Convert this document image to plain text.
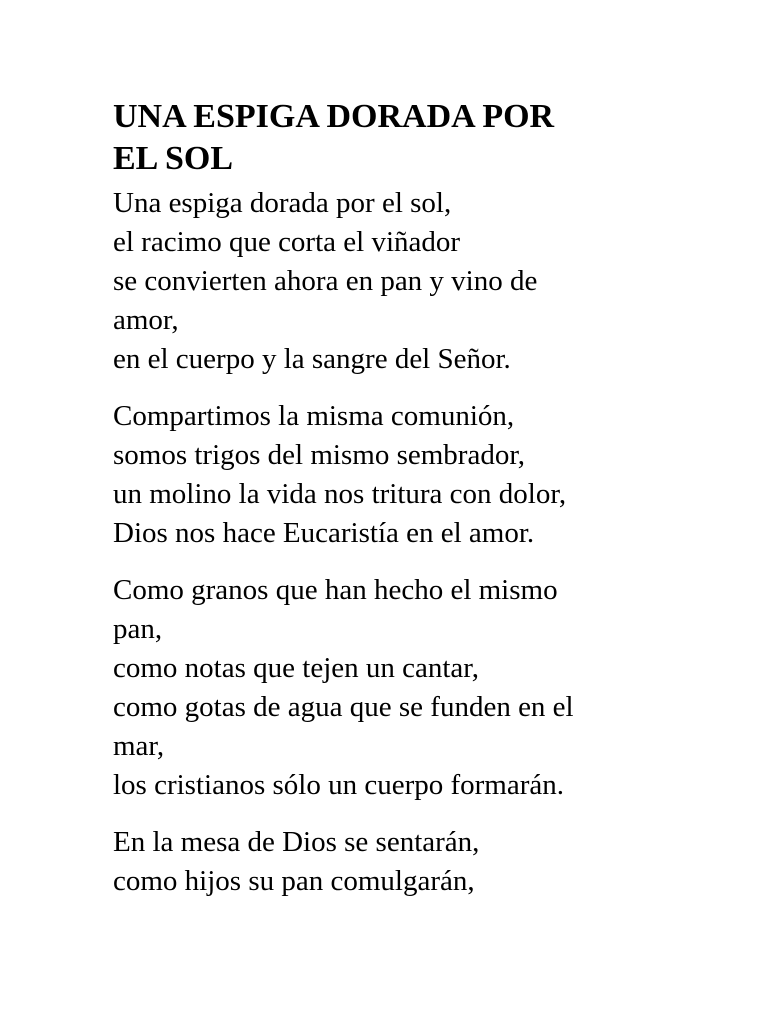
UNA ESPIGA DORADA POR
EL SOL
Una espiga dorada por el sol,
el racimo que corta el viñador
se convierten ahora en pan y vino de
amor,
en el cuerpo y la sangre del Señor.
Compartimos la misma comunión,
somos trigos del mismo sembrador,
un molino la vida nos tritura con dolor,
Dios nos hace Eucaristía en el amor.
Como granos que han hecho el mismo
pan,
como notas que tejen un cantar,
como gotas de agua que se funden en el
mar,
los cristianos sólo un cuerpo formarán.
En la mesa de Dios se sentarán,
como hijos su pan comulgarán,
